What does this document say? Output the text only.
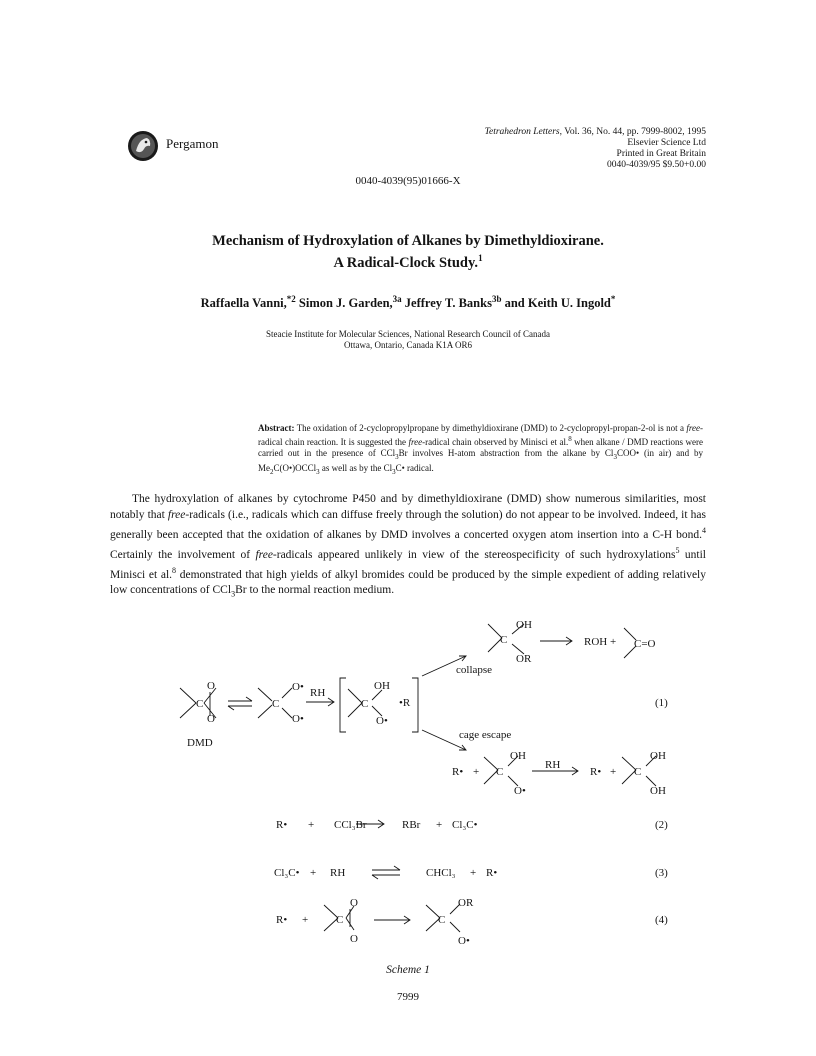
Pergamon
Tetrahedron Letters, Vol. 36, No. 44, pp. 7999-8002, 1995
Elsevier Science Ltd
Printed in Great Britain
0040-4039/95 $9.50+0.00
0040-4039(95)01666-X
Mechanism of Hydroxylation of Alkanes by Dimethyldioxirane.
A Radical-Clock Study.$^1$
Raffaella Vanni,$^{*2}$ Simon J. Garden,$^{3a}$ Jeffrey T. Banks$^{3b}$ and Keith U. Ingold*
Steacie Institute for Molecular Sciences, National Research Council of Canada
Ottawa, Ontario, Canada K1A OR6
Abstract: The oxidation of 2-cyclopropylpropane by dimethyldioxirane (DMD) to 2-cyclopropyl-propan-2-ol is not a free-radical chain reaction. It is suggested the free-radical chain observed by Minisci et al.$^8$ when alkane / DMD reactions were carried out in the presence of CCl$_3$Br involves H-atom abstraction from the alkane by $Cl_3COO•$ (in air) and by $Me_2C(O•)OCCl_3$ as well as by the $Cl_3C•$ radical.

The hydroxylation of alkanes by cytochrome P450 and by dimethyldioxirane (DMD) show numerous similarities, most notably that free-radicals (i.e., radicals which can diffuse freely through the solution) do not appear to be involved. Indeed, it has generally been accepted that the oxidation of alkanes by DMD involves a concerted oxygen atom insertion into a C-H bond.$^4$     Certainly the involvement of free-radicals appeared unlikely in view of the stereospecificity of such hydroxylations$^5$ until Minisci et al.$^8$ demonstrated that high yields of alkyl bromides could be produced by the simple expedient of adding relatively low concentrations of CCl$_3$Br to the normal reaction medium.

O
C
O
DMD
O•
C
O•
RH
OH
C
O•
•R
collapse
cage escape
OH
C
OR
ROH + C=O
(1)
R• +
OH
C
O•
RH
R• +
OH
C
OH
R• + CCl₃Br	RBr + Cl₃C•	(2)
Cl₃C• + RH	CHCl₃ + R•	(3)
R• +
O
C
O
OR
C
O•
(4)
Scheme 1
7999
